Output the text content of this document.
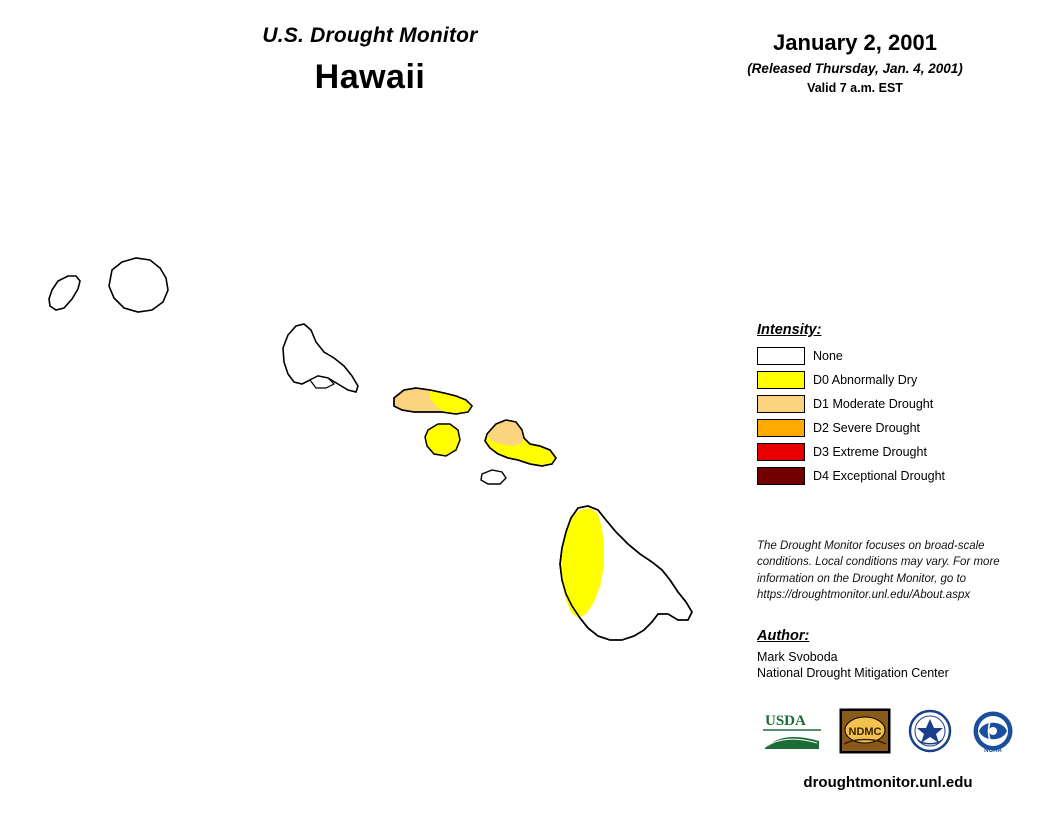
U.S. Drought Monitor
Hawaii
January 2, 2001
(Released Thursday, Jan. 4, 2001)
Valid 7 a.m. EST
Intensity:
None
D0 Abnormally Dry
D1 Moderate Drought
D2 Severe Drought
D3 Extreme Drought
D4 Exceptional Drought
The Drought Monitor focuses on broad-scale conditions. Local conditions may vary. For more information on the Drought Monitor, go to https://droughtmonitor.unl.edu/About.aspx
Author:
Mark Svoboda
National Drought Mitigation Center
USDA
NDMC
NOAA
droughtmonitor.unl.edu
